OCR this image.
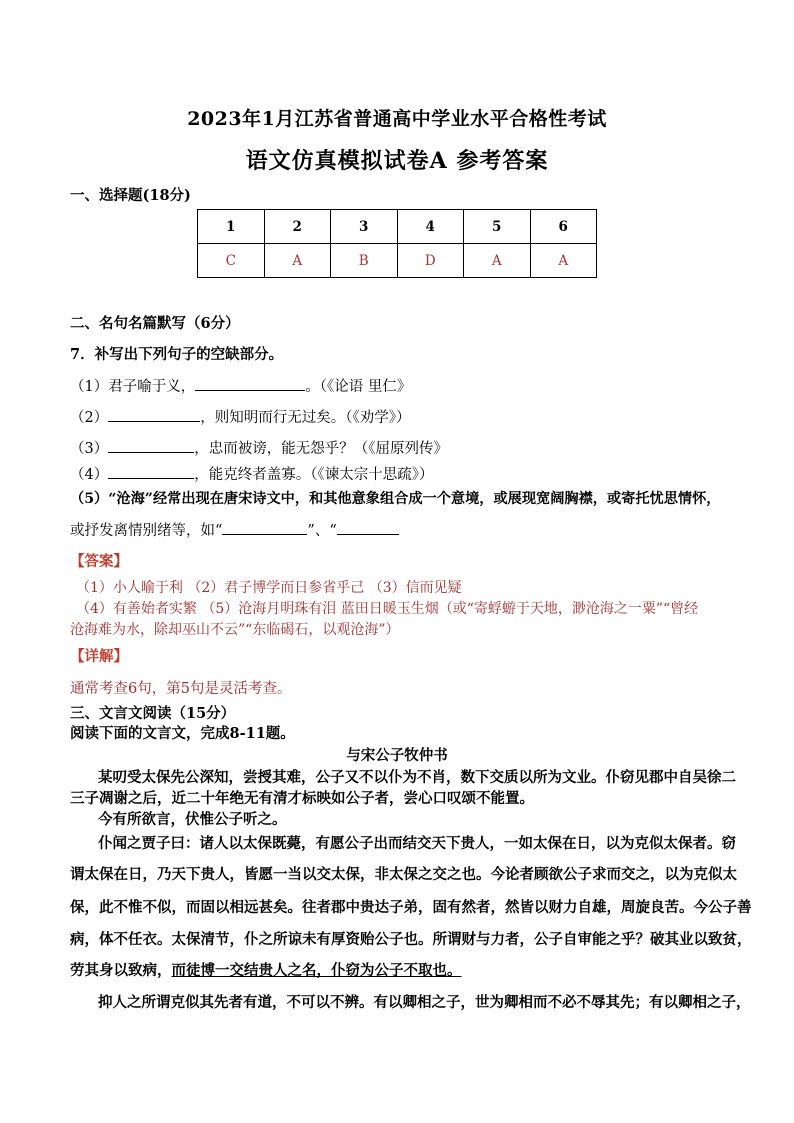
2023年1月江苏省普通高中学业水平合格性考试
语文仿真模拟试卷A 参考答案
一、选择题(18分)
1	2	3	4	5	6
C	A	B	D	A	A
二、名句名篇默写（6分）
7．补写出下列句子的空缺部分。
（1）君子喻于义，	。（《论语 里仁》
（2）	，则知明而行无过矣。（《劝学》）
（3）	，忠而被谤，能无怨乎？（《屈原列传》
（4）	，能克终者盖寡。（《谏太宗十思疏》）
（5）“沧海”经常出现在唐宋诗文中，和其他意象组合成一个意境，或展现宽阔胸襟，或寄托忧思情怀，
或抒发离情别绪等，如“	”、“
【答案】
（1）小人喻于利 （2）君子博学而日参省乎己 （3）信而见疑
（4）有善始者实繁 （5）沧海月明珠有泪 蓝田日暖玉生烟（或“寄蜉蝣于天地，渺沧海之一粟”“曾经
沧海难为水，除却巫山不云”“东临碣石，以观沧海”）
【详解】
通常考查6句，第5句是灵活考查。
三、文言文阅读（15分）
阅读下面的文言文，完成8-11题。
与宋公子牧仲书
某叨受太保先公深知，尝授其难，公子又不以仆为不肖，数下交质以所为文业。仆窃见郡中自吴徐二
三子凋谢之后，近二十年绝无有清才标映如公子者，尝心口叹颂不能置。
今有所欲言，伏惟公子听之。
仆闻之贾子曰：诸人以太保既薨，有愿公子出而结交天下贵人，一如太保在日，以为克似太保者。窃
谓太保在日，乃天下贵人，皆愿一当以交太保，非太保之交之也。今论者顾欲公子求而交之，以为克似太
保，此不惟不似，而固以相远甚矣。往者郡中贵达子弟，固有然者，然皆以财力自雄，周旋良苦。今公子善
病，体不任衣。太保清节，仆之所谅未有厚资贻公子也。所谓财与力者，公子自审能之乎？破其业以致贫，
劳其身以致病，而徒博一交结贵人之名，仆窃为公子不取也。
抑人之所谓克似其先者有道，不可以不辨。有以卿相之子，世为卿相而不必不辱其先；有以卿相之子，
